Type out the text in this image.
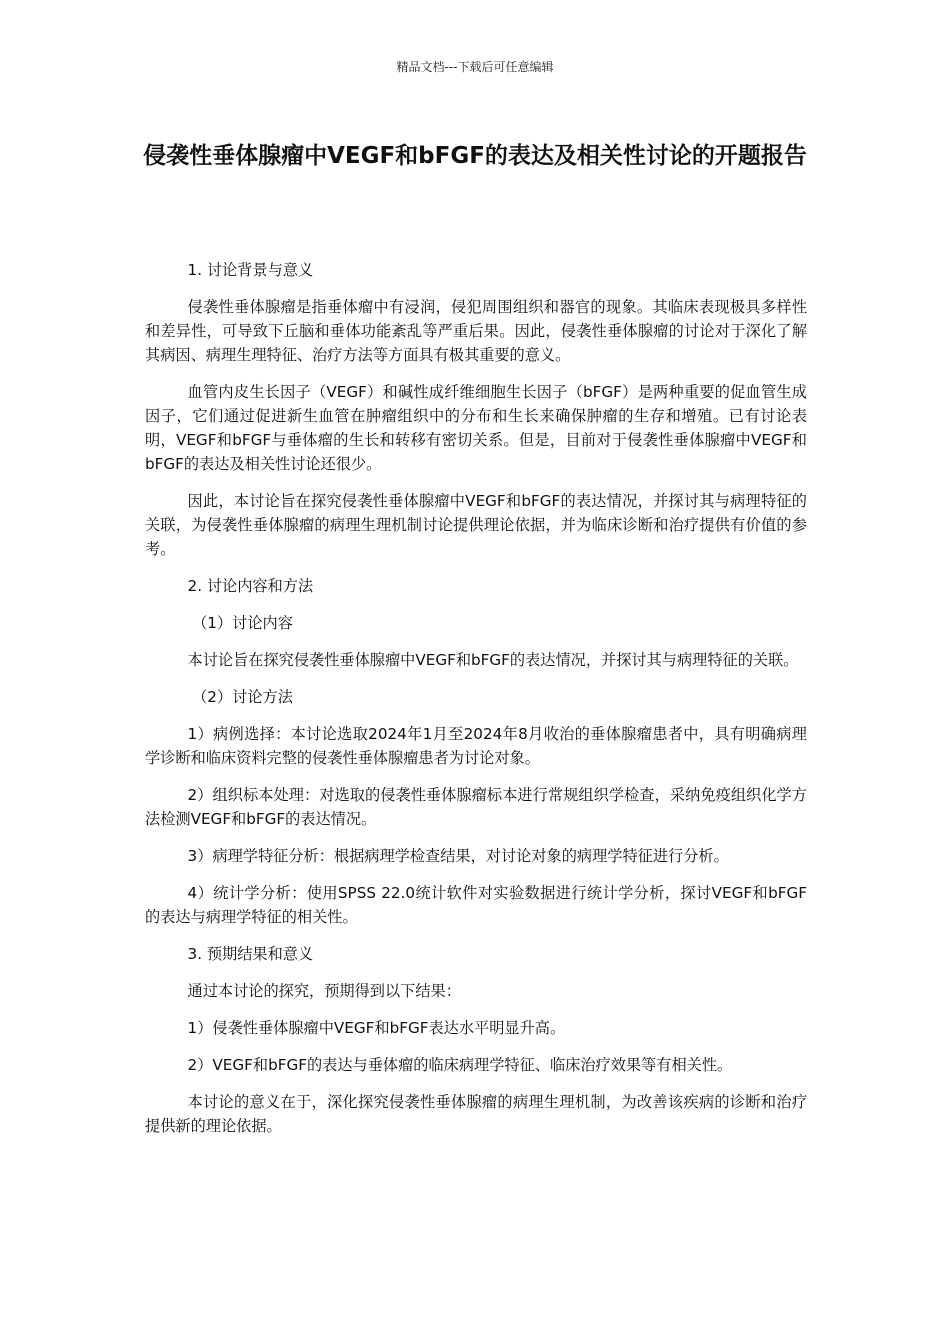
精品文档---下载后可任意编辑
侵袭性垂体腺瘤中VEGF和bFGF的表达及相关性讨论的开题报告

1. 讨论背景与意义

侵袭性垂体腺瘤是指垂体瘤中有浸润，侵犯周围组织和器官的现象。其临床表现极具多样性和差异性，可导致下丘脑和垂体功能紊乱等严重后果。因此，侵袭性垂体腺瘤的讨论对于深化了解其病因、病理生理特征、治疗方法等方面具有极其重要的意义。

血管内皮生长因子（VEGF）和碱性成纤维细胞生长因子（bFGF）是两种重要的促血管生成因子，它们通过促进新生血管在肿瘤组织中的分布和生长来确保肿瘤的生存和增殖。已有讨论表明，VEGF和bFGF与垂体瘤的生长和转移有密切关系。但是，目前对于侵袭性垂体腺瘤中VEGF和bFGF的表达及相关性讨论还很少。

因此，本讨论旨在探究侵袭性垂体腺瘤中VEGF和bFGF的表达情况，并探讨其与病理特征的关联，为侵袭性垂体腺瘤的病理生理机制讨论提供理论依据，并为临床诊断和治疗提供有价值的参考。

2. 讨论内容和方法

（1）讨论内容

本讨论旨在探究侵袭性垂体腺瘤中VEGF和bFGF的表达情况，并探讨其与病理特征的关联。

（2）讨论方法

1）病例选择：本讨论选取2024年1月至2024年8月收治的垂体腺瘤患者中，具有明确病理学诊断和临床资料完整的侵袭性垂体腺瘤患者为讨论对象。

2）组织标本处理：对选取的侵袭性垂体腺瘤标本进行常规组织学检查，采纳免疫组织化学方法检测VEGF和bFGF的表达情况。

3）病理学特征分析：根据病理学检查结果，对讨论对象的病理学特征进行分析。

4）统计学分析：使用SPSS 22.0统计软件对实验数据进行统计学分析，探讨VEGF和bFGF的表达与病理学特征的相关性。

3. 预期结果和意义

通过本讨论的探究，预期得到以下结果：

1）侵袭性垂体腺瘤中VEGF和bFGF表达水平明显升高。

2）VEGF和bFGF的表达与垂体瘤的临床病理学特征、临床治疗效果等有相关性。

本讨论的意义在于，深化探究侵袭性垂体腺瘤的病理生理机制，为改善该疾病的诊断和治疗提供新的理论依据。
